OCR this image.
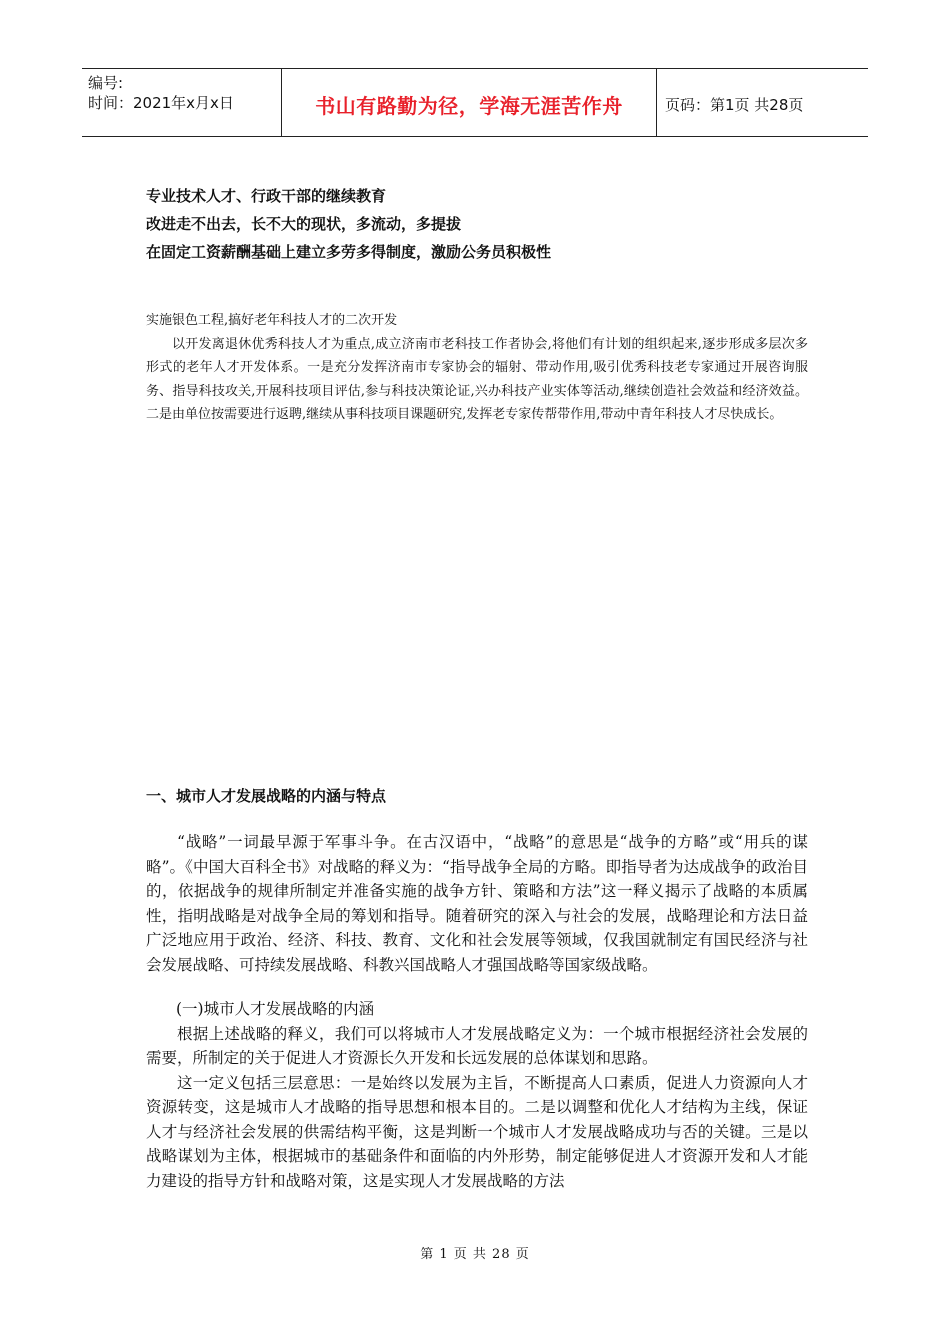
编号:
时间：2021年x月x日	书山有路勤为径，学海无涯苦作舟	页码：第1页 共28页
专业技术人才、行政干部的继续教育
改进走不出去，长不大的现状，多流动，多提拔
在固定工资薪酬基础上建立多劳多得制度，激励公务员积极性

实施银色工程,搞好老年科技人才的二次开发

以开发离退休优秀科技人才为重点,成立济南市老科技工作者协会,将他们有计划的组织起来,逐步形成多层次多形式的老年人才开发体系。一是充分发挥济南市专家协会的辐射、带动作用,吸引优秀科技老专家通过开展咨询服务、指导科技攻关,开展科技项目评估,参与科技决策论证,兴办科技产业实体等活动,继续创造社会效益和经济效益。二是由单位按需要进行返聘,继续从事科技项目课题研究,发挥老专家传帮带作用,带动中青年科技人才尽快成长。

一、城市人才发展战略的内涵与特点

“战略”一词最早源于军事斗争。在古汉语中，“战略”的意思是“战争的方略”或“用兵的谋略”。《中国大百科全书》对战略的释义为：“指导战争全局的方略。即指导者为达成战争的政治目的，依据战争的规律所制定并准备实施的战争方针、策略和方法”这一释义揭示了战略的本质属性，指明战略是对战争全局的筹划和指导。随着研究的深入与社会的发展，战略理论和方法日益广泛地应用于政治、经济、科技、教育、文化和社会发展等领域，仅我国就制定有国民经济与社会发展战略、可持续发展战略、科教兴国战略人才强国战略等国家级战略。

(一)城市人才发展战略的内涵

根据上述战略的释义，我们可以将城市人才发展战略定义为：一个城市根据经济社会发展的需要，所制定的关于促进人才资源长久开发和长远发展的总体谋划和思路。

这一定义包括三层意思：一是始终以发展为主旨，不断提高人口素质，促进人力资源向人才资源转变，这是城市人才战略的指导思想和根本目的。二是以调整和优化人才结构为主线，保证人才与经济社会发展的供需结构平衡，这是判断一个城市人才发展战略成功与否的关键。三是以战略谋划为主体，根据城市的基础条件和面临的内外形势，制定能够促进人才资源开发和人才能力建设的指导方针和战略对策，这是实现人才发展战略的方法

第 1 页 共 28 页
